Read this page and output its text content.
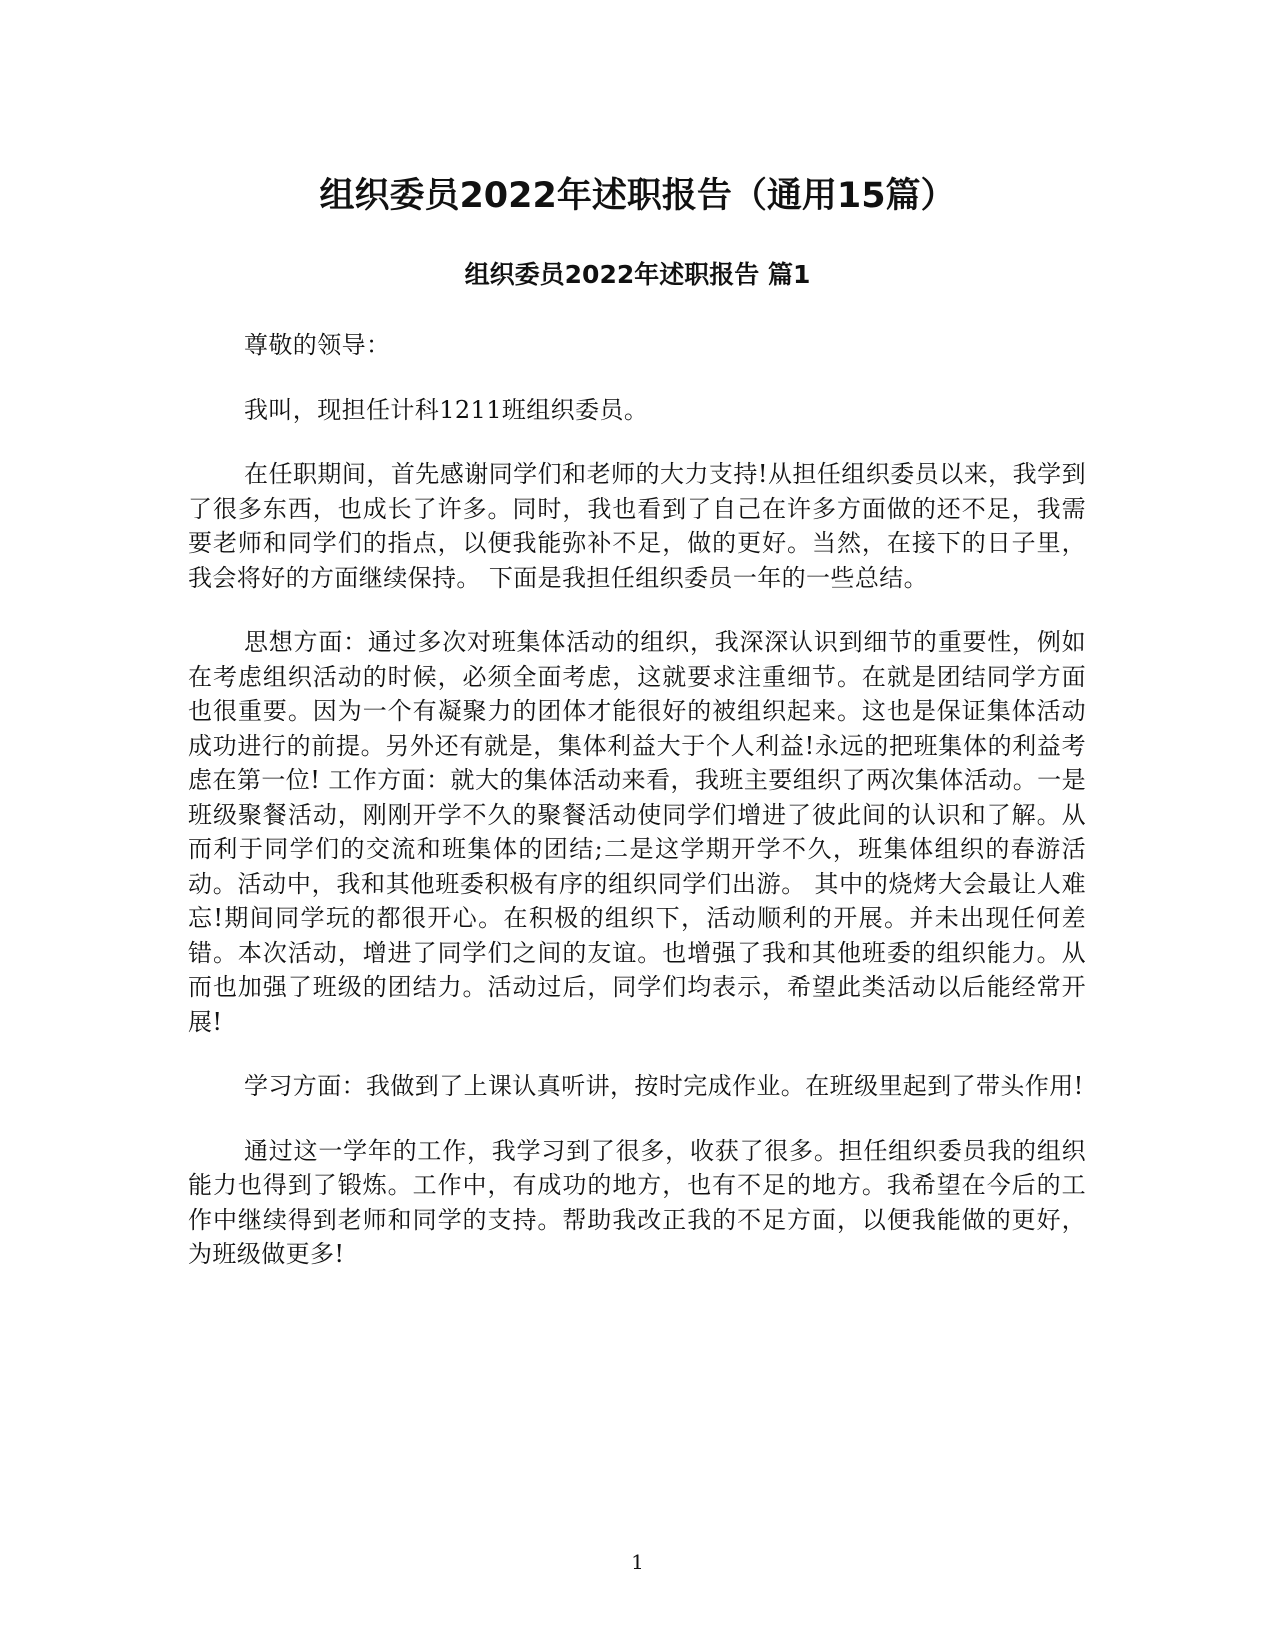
组织委员2022年述职报告（通用15篇）
组织委员2022年述职报告 篇1

尊敬的领导：

我叫，现担任计科1211班组织委员。

在任职期间，首先感谢同学们和老师的大力支持!从担任组织委员以来，我学到了很多东西，也成长了许多。同时，我也看到了自己在许多方面做的还不足，我需要老师和同学们的指点，以便我能弥补不足，做的更好。当然，在接下的日子里，我会将好的方面继续保持。 下面是我担任组织委员一年的一些总结。

思想方面：通过多次对班集体活动的组织，我深深认识到细节的重要性，例如在考虑组织活动的时候，必须全面考虑，这就要求注重细节。在就是团结同学方面也很重要。因为一个有凝聚力的团体才能很好的被组织起来。这也是保证集体活动成功进行的前提。另外还有就是，集体利益大于个人利益!永远的把班集体的利益考虑在第一位! 工作方面：就大的集体活动来看，我班主要组织了两次集体活动。一是班级聚餐活动，刚刚开学不久的聚餐活动使同学们增进了彼此间的认识和了解。从而利于同学们的交流和班集体的团结;二是这学期开学不久，班集体组织的春游活动。活动中，我和其他班委积极有序的组织同学们出游。 其中的烧烤大会最让人难忘!期间同学玩的都很开心。在积极的组织下，活动顺利的开展。并未出现任何差错。本次活动，增进了同学们之间的友谊。也增强了我和其他班委的组织能力。从而也加强了班级的团结力。活动过后，同学们均表示，希望此类活动以后能经常开展!

学习方面：我做到了上课认真听讲，按时完成作业。在班级里起到了带头作用!

通过这一学年的工作，我学习到了很多，收获了很多。担任组织委员我的组织能力也得到了锻炼。工作中，有成功的地方，也有不足的地方。我希望在今后的工作中继续得到老师和同学的支持。帮助我改正我的不足方面，以便我能做的更好，为班级做更多!

1
